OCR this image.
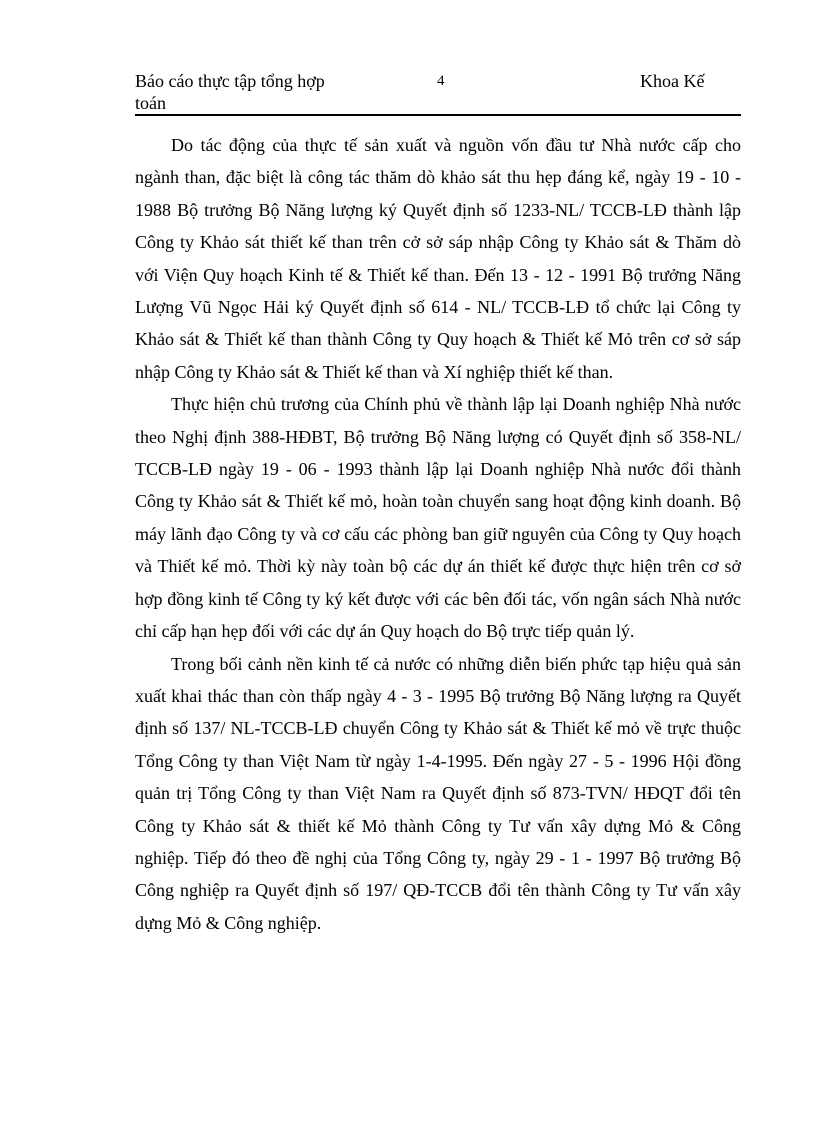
Báo cáo thực tập tổng hợp
toán
4	Khoa Kế

Do tác động của thực tế sản xuất và nguồn vốn đầu tư Nhà nước cấp cho ngành than, đặc biệt là công tác thăm dò khảo sát thu hẹp đáng kể, ngày 19 - 10 - 1988 Bộ trưởng Bộ Năng lượng ký Quyết định số 1233-NL/ TCCB-LĐ thành lập Công ty Khảo sát thiết kế than trên cở sở sáp nhập Công ty Khảo sát & Thăm dò với Viện Quy hoạch Kinh tế & Thiết kế than. Đến 13 - 12 - 1991 Bộ trưởng Năng Lượng Vũ Ngọc Hải ký Quyết định số 614 - NL/ TCCB-LĐ tổ chức lại Công ty Khảo sát & Thiết kế than thành Công ty Quy hoạch & Thiết kế Mỏ trên cơ sở sáp nhập Công ty Khảo sát & Thiết kế than và Xí nghiệp thiết kế than.

Thực hiện chủ trương của Chính phủ về thành lập lại Doanh nghiệp Nhà nước theo Nghị định 388-HĐBT, Bộ trưởng Bộ Năng lượng có Quyết định số 358-NL/ TCCB-LĐ ngày 19 - 06 - 1993 thành lập lại Doanh nghiệp Nhà nước đổi thành Công ty Khảo sát & Thiết kế mỏ, hoàn toàn chuyển sang hoạt động kinh doanh. Bộ máy lãnh đạo Công ty và cơ cấu các phòng ban giữ nguyên của Công ty Quy hoạch và Thiết kế mỏ. Thời kỳ này toàn bộ các dự án thiết kế được thực hiện trên cơ sở hợp đồng kinh tế Công ty ký kết được với các bên đối tác, vốn ngân sách Nhà nước chỉ cấp hạn hẹp đối với các dự án Quy hoạch do Bộ trực tiếp quản lý.

Trong bối cảnh nền kinh tế cả nước có những diễn biến phức tạp hiệu quả sản xuất khai thác than còn thấp ngày 4 - 3 - 1995 Bộ trưởng Bộ Năng lượng ra Quyết định số 137/ NL-TCCB-LĐ chuyển Công ty Khảo sát & Thiết kế mỏ về trực thuộc Tổng Công ty than Việt Nam từ ngày 1-4-1995. Đến ngày 27 - 5 - 1996 Hội đồng quản trị Tổng Công ty than Việt Nam ra Quyết định số 873-TVN/ HĐQT đổi tên Công ty Khảo sát & thiết kế Mỏ thành Công ty Tư vấn xây dựng Mỏ & Công nghiệp. Tiếp đó theo đề nghị của Tổng Công ty, ngày 29 - 1 - 1997 Bộ trưởng Bộ Công nghiệp ra Quyết định số 197/ QĐ-TCCB đổi tên thành Công ty Tư vấn xây dựng Mỏ & Công nghiệp.
